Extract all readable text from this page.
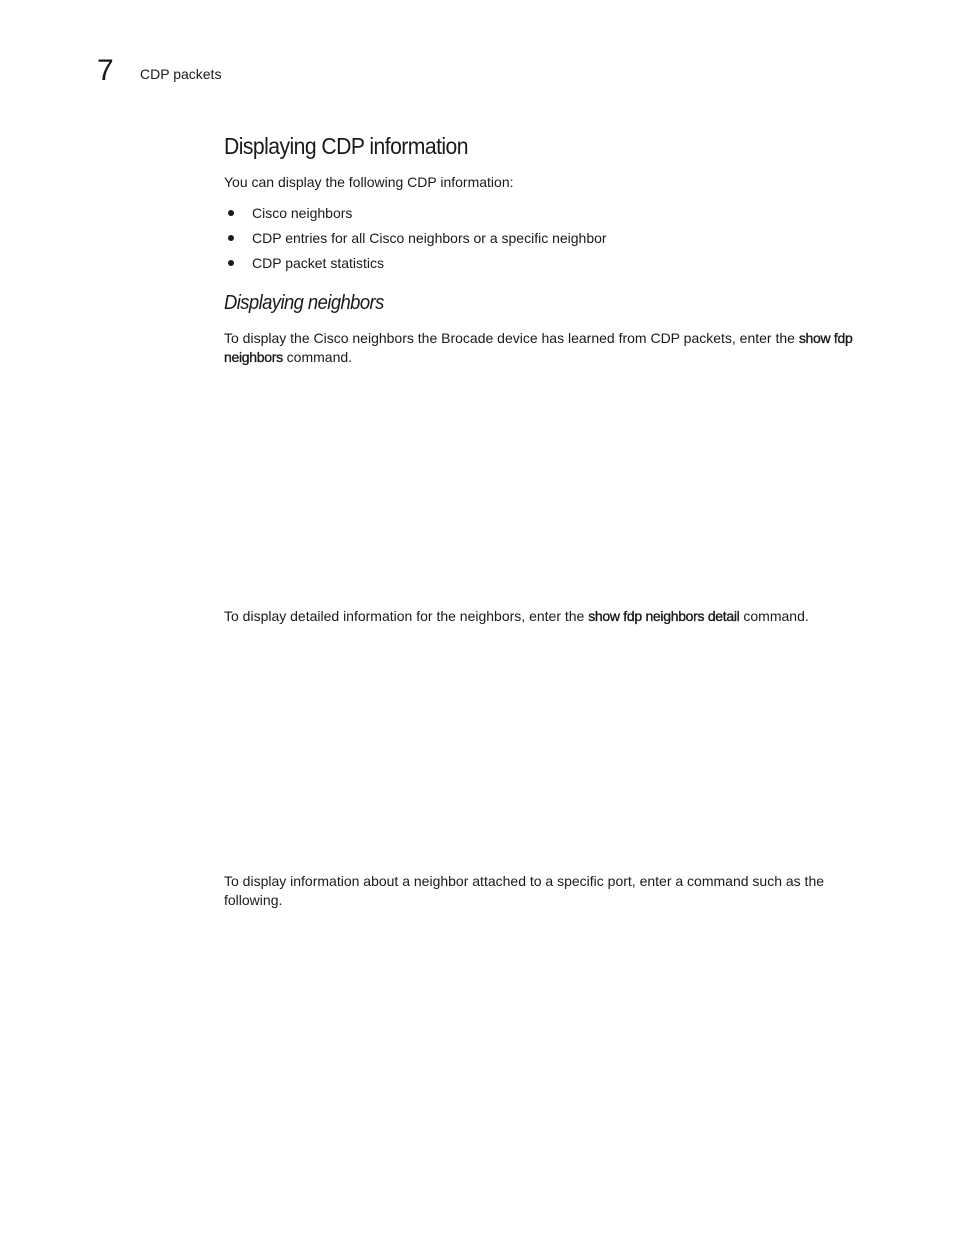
7 CDP packets
Displaying CDP information

You can display the following CDP information:

Cisco neighbors
CDP entries for all Cisco neighbors or a specific neighbor
CDP packet statistics
Displaying neighbors

To display the Cisco neighbors the Brocade device has learned from CDP packets, enter the show fdp neighbors command.

To display detailed information for the neighbors, enter the show fdp neighbors detail command.

To display information about a neighbor attached to a specific port, enter a command such as the following.
